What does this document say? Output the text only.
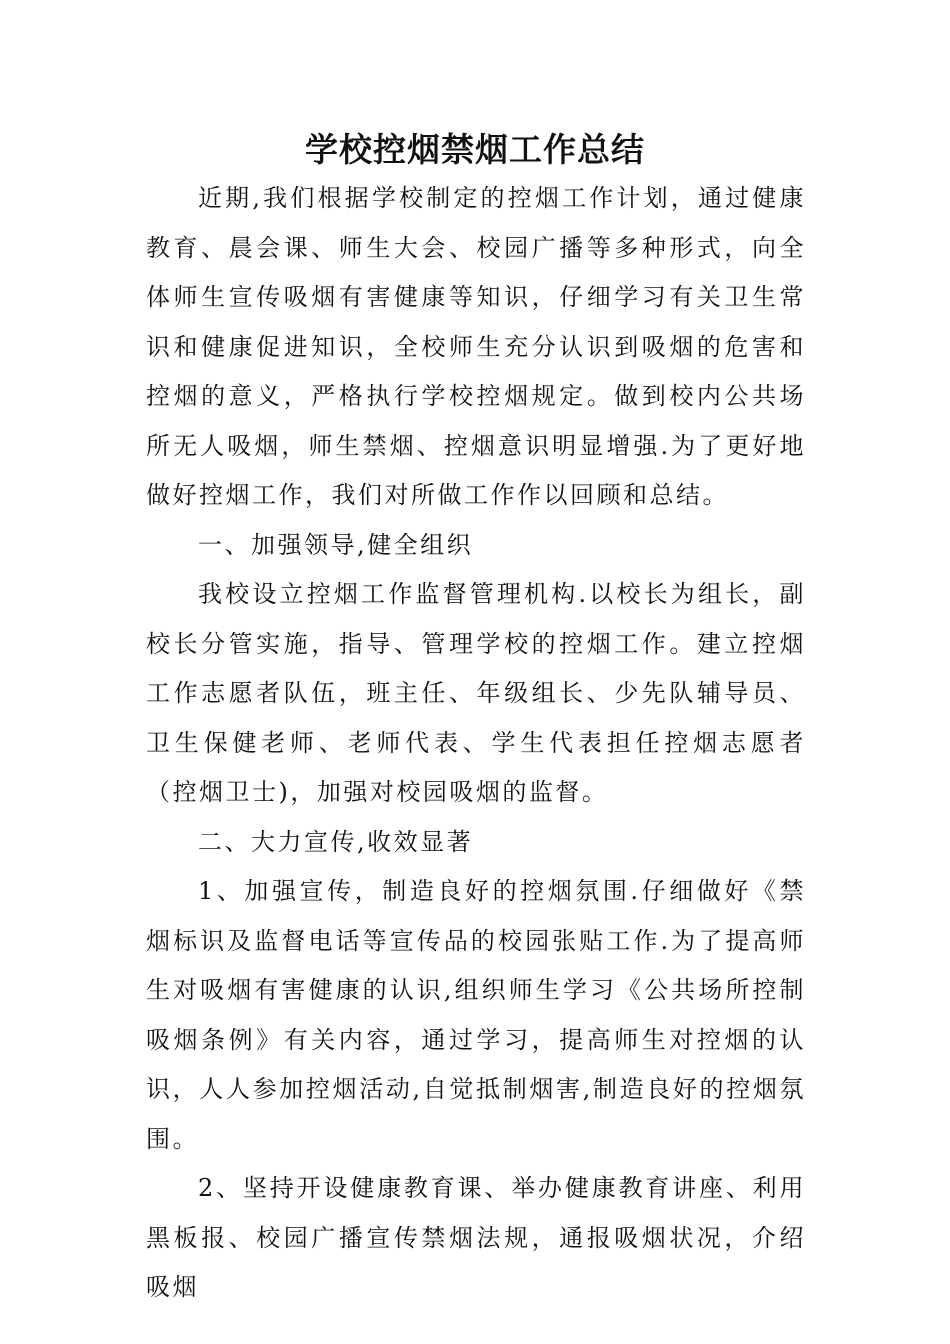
学校控烟禁烟工作总结

近期,我们根据学校制定的控烟工作计划，通过健康教育、晨会课、师生大会、校园广播等多种形式，向全体师生宣传吸烟有害健康等知识，仔细学习有关卫生常识和健康促进知识，全校师生充分认识到吸烟的危害和控烟的意义，严格执行学校控烟规定。做到校内公共场所无人吸烟，师生禁烟、控烟意识明显增强.为了更好地做好控烟工作，我们对所做工作作以回顾和总结。

一、加强领导,健全组织

我校设立控烟工作监督管理机构.以校长为组长，副校长分管实施，指导、管理学校的控烟工作。建立控烟工作志愿者队伍，班主任、年级组长、少先队辅导员、卫生保健老师、老师代表、学生代表担任控烟志愿者（控烟卫士)，加强对校园吸烟的监督。

二、大力宣传,收效显著

1、加强宣传，制造良好的控烟氛围.仔细做好《禁烟标识及监督电话等宣传品的校园张贴工作.为了提高师生对吸烟有害健康的认识,组织师生学习《公共场所控制吸烟条例》有关内容，通过学习，提高师生对控烟的认识，人人参加控烟活动,自觉抵制烟害,制造良好的控烟氛围。

2、坚持开设健康教育课、举办健康教育讲座、利用黑板报、校园广播宣传禁烟法规，通报吸烟状况，介绍吸烟
